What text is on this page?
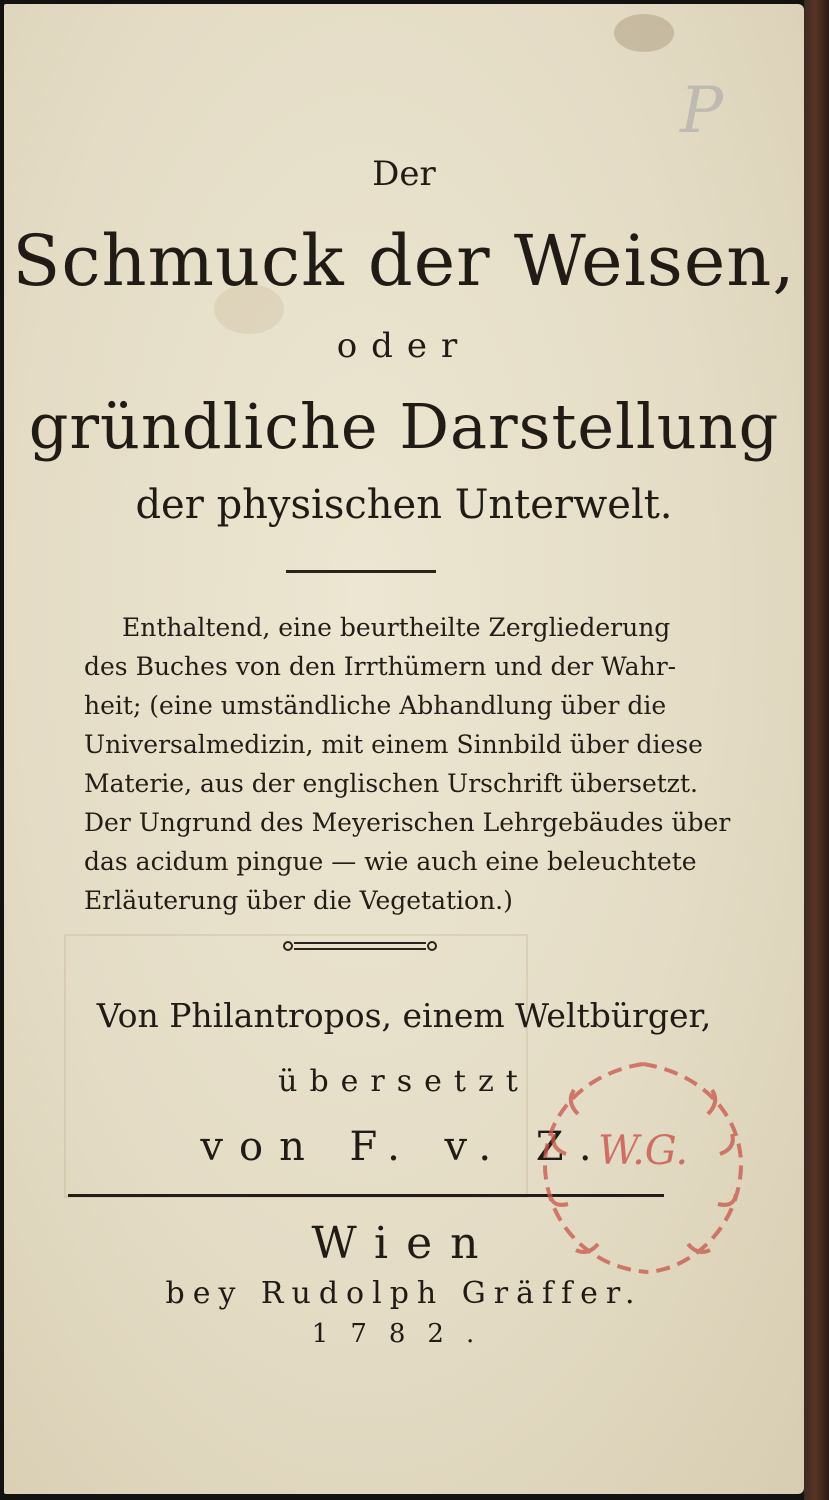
P
Der
Schmuck der Weisen,
oder
gründliche Darstellung
der physischen Unterwelt.
Enthaltend, eine beurtheilte Zergliederung
des Buches von den Irrthümern und der Wahr-
heit; (eine umständliche Abhandlung über die
Universalmedizin, mit einem Sinnbild über diese
Materie, aus der englischen Urschrift übersetzt.
Der Ungrund des Meyerischen Lehrgebäudes über
das acidum pingue — wie auch eine beleuchtete
Erläuterung über die Vegetation.)
Von Philantropos, einem Weltbürger,
übersetzt
von F. v. Z.
Wien
bey Rudolph Gräffer.
1782.
W.G.
